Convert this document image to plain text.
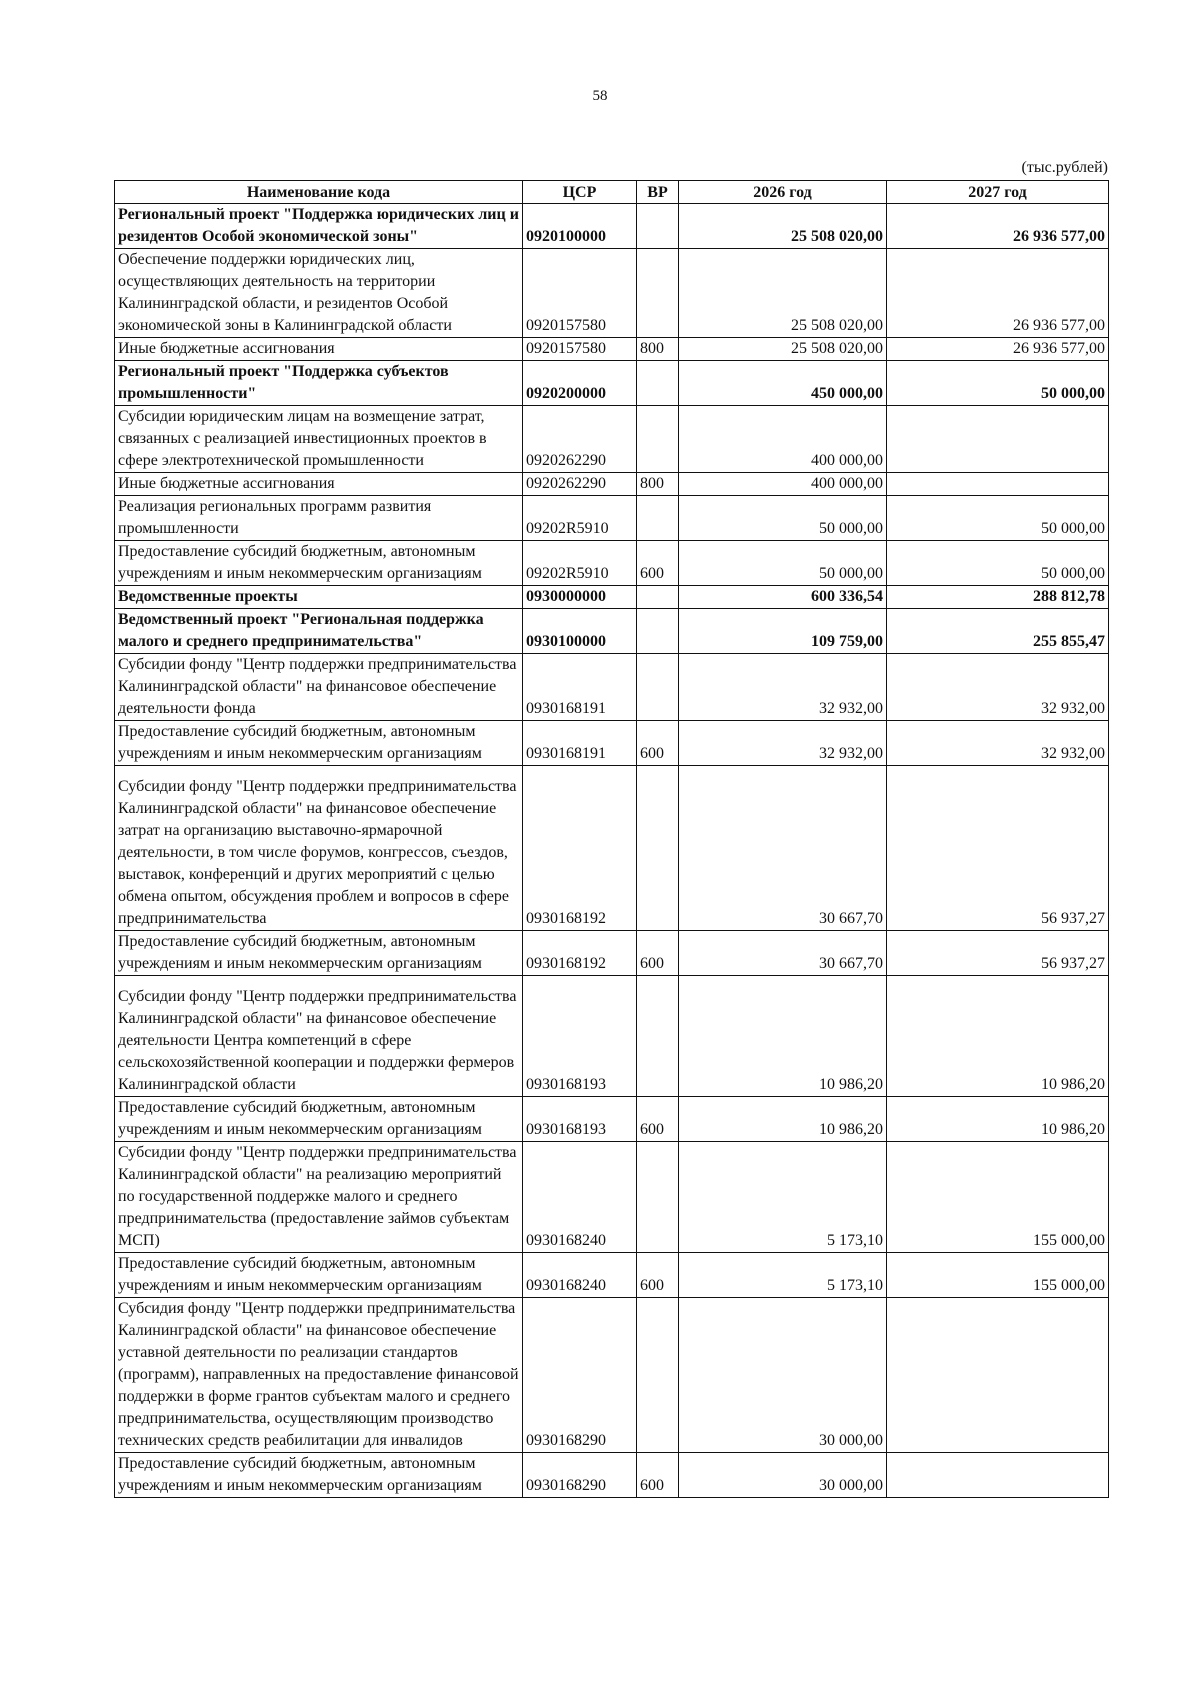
58
(тыс.рублей)
Наименование кода	ЦСР	ВР	2026 год	2027 год
Региональный проект "Поддержка юридических лиц и резидентов Особой экономической зоны"	0920100000		25 508 020,00	26 936 577,00
Обеспечение поддержки юридических лиц, осуществляющих деятельность на территории Калининградской области, и резидентов Особой экономической зоны в Калининградской области	0920157580		25 508 020,00	26 936 577,00
Иные бюджетные ассигнования	0920157580	800	25 508 020,00	26 936 577,00
Региональный проект "Поддержка субъектов промышленности"	0920200000		450 000,00	50 000,00
Субсидии юридическим лицам на возмещение затрат, связанных с реализацией инвестиционных проектов в сфере электротехнической промышленности	0920262290		400 000,00	
Иные бюджетные ассигнования	0920262290	800	400 000,00	
Реализация региональных программ развития промышленности	09202R5910		50 000,00	50 000,00
Предоставление субсидий бюджетным, автономным учреждениям и иным некоммерческим организациям	09202R5910	600	50 000,00	50 000,00
Ведомственные проекты	0930000000		600 336,54	288 812,78
Ведомственный проект "Региональная поддержка малого и среднего предпринимательства"	0930100000		109 759,00	255 855,47
Субсидии фонду "Центр поддержки предпринимательства Калининградской области" на финансовое обеспечение деятельности фонда	0930168191		32 932,00	32 932,00
Предоставление субсидий бюджетным, автономным учреждениям и иным некоммерческим организациям	0930168191	600	32 932,00	32 932,00
Субсидии фонду "Центр поддержки предпринимательства Калининградской области" на финансовое обеспечение затрат на организацию выставочно-ярмарочной деятельности, в том числе форумов, конгрессов, съездов, выставок, конференций и других мероприятий с целью обмена опытом, обсуждения проблем и вопросов в сфере предпринимательства	0930168192		30 667,70	56 937,27
Предоставление субсидий бюджетным, автономным учреждениям и иным некоммерческим организациям	0930168192	600	30 667,70	56 937,27
Субсидии фонду "Центр поддержки предпринимательства Калининградской области" на финансовое обеспечение деятельности Центра компетенций в сфере сельскохозяйственной кооперации и поддержки фермеров Калининградской области	0930168193		10 986,20	10 986,20
Предоставление субсидий бюджетным, автономным учреждениям и иным некоммерческим организациям	0930168193	600	10 986,20	10 986,20
Субсидии фонду "Центр поддержки предпринимательства Калининградской области" на реализацию мероприятий по государственной поддержке малого и среднего предпринимательства (предоставление займов субъектам МСП)	0930168240		5 173,10	155 000,00
Предоставление субсидий бюджетным, автономным учреждениям и иным некоммерческим организациям	0930168240	600	5 173,10	155 000,00
Субсидия фонду "Центр поддержки предпринимательства Калининградской области" на финансовое обеспечение уставной деятельности по реализации стандартов (программ), направленных на предоставление финансовой поддержки в форме грантов субъектам малого и среднего предпринимательства, осуществляющим производство технических средств реабилитации для инвалидов	0930168290		30 000,00	
Предоставление субсидий бюджетным, автономным учреждениям и иным некоммерческим организациям	0930168290	600	30 000,00	
